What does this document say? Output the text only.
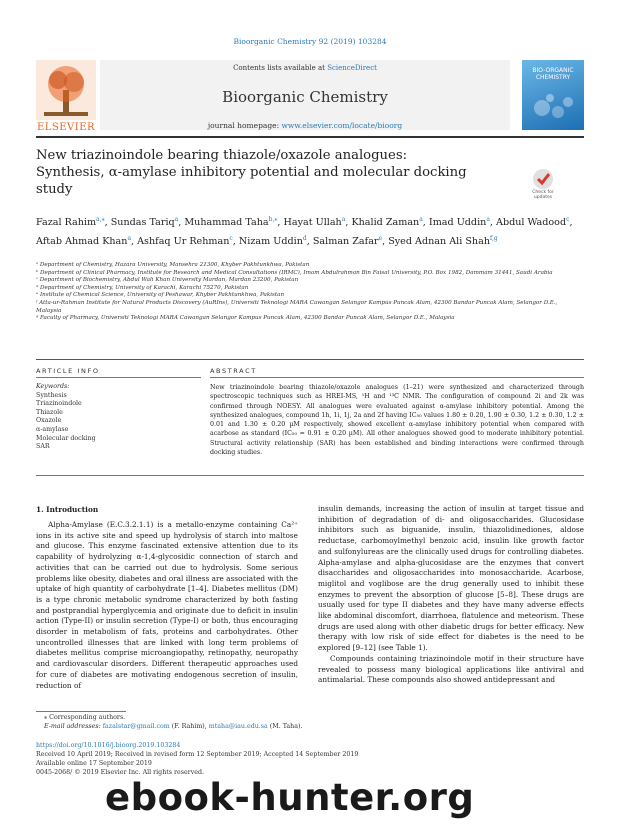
Bioorganic Chemistry 92 (2019) 103284
Contents lists available at ScienceDirect
Bioorganic Chemistry
journal homepage: www.elsevier.com/locate/bioorg
ELSEVIER
BIO-ORGANIC CHEMISTRY
New triazinoindole bearing thiazole/oxazole analogues: Synthesis, α-amylase inhibitory potential and molecular docking study	Check for updates
Fazal Rahim$^{a,⁎}$, Sundas Tariq$^a$, Muhammad Taha$^{b,⁎}$, Hayat Ullah$^a$, Khalid Zaman$^a$, Imad Uddin$^a$, Abdul Wadood$^c$, Aftab Ahmad Khan$^a$, Ashfaq Ur Rehman$^c$, Nizam Uddin$^d$, Salman Zafar$^e$, Syed Adnan Ali Shah$^{f,g}$

ᵃ Department of Chemistry, Hazara University, Mansehra 21300, Khyber Pakhtunkhwa, Pakistan

ᵇ Department of Clinical Pharmacy, Institute for Research and Medical Consultations (IRMC), Imam Abdulrahman Bin Faisal University, P.O. Box 1982, Dammam 31441, Saudi Arabia

ᶜ Department of Biochemistry, Abdul Wali Khan University Mardan, Mardan 23200, Pakistan

ᵈ Department of Chemistry, University of Karachi, Karachi 75270, Pakistan

ᵉ Institute of Chemical Science, University of Peshawar, Khyber Pakhtunkhwa, Pakistan

ᶠ Atta-ur-Rahman Institute for Natural Products Discovery (AuRIns), Universiti Teknologi MARA Cawangan Selangor Kampus Puncak Alam, 42300 Bandar Puncak Alam, Selangor D.E., Malaysia

ᵍ Faculty of Pharmacy, Universiti Teknologi MARA Cawangan Selangor Kampus Puncak Alam, 42300 Bandar Puncak Alam, Selangor D.E., Malaysia

ARTICLE INFO	ABSTRACT
Keywords:
Synthesis
Triazinoindole
Thiazole
Oxazole
α-amylase
Molecular docking
SAR
New triazinoindole bearing thiazole/oxazole analogues (1–21) were synthesized and characterized through spectroscopic techniques such as HREI-MS, ¹H and ¹³C NMR. The configuration of compound 2i and 2k was confirmed through NOESY. All analogues were evaluated against α-amylase inhibitory potential. Among the synthesized analogues, compound 1h, 1i, 1j, 2a and 2f having IC₅₀ values 1.80 ± 0.20, 1.90 ± 0.30, 1.2 ± 0.30, 1.2 ± 0.01 and 1.30 ± 0.20 µM respectively, showed excellent α-amylase inhibitory potential when compared with acarbose as standard (IC₅₀ = 0.91 ± 0.20 µM). All other analogues showed good to moderate inhibitory potential. Structural activity relationship (SAR) has been established and binding interactions were confirmed through docking studies.
1. Introduction

Alpha-Amylase (E.C.3.2.1.1) is a metallo-enzyme containing Ca²⁺ ions in its active site and speed up hydrolysis of starch into maltose and glucose. This enzyme fascinated extensive attention due to its capability of hydrolyzing α-1,4-glycosidic connection of starch and activities that can be carried out due to hydrolysis. Some serious problems like obesity, diabetes and oral illness are associated with the uptake of high quantity of carbohydrate [1–4]. Diabetes mellitus (DM) is a type chronic metabolic syndrome characterized by both fasting and postprandial hyperglycemia and originate due to deficit in insulin action (Type-II) or insulin secretion (Type-I) or both, thus encouraging disorder in metabolism of fats, proteins and carbohydrates. Other uncontrolled illnesses that are linked with long term problems of diabetes mellitus comprise microangiopathy, retinopathy, neuropathy and cardiovascular disorders. Different therapeutic approaches used for cure of diabetes are motivating endogenous secretion of insulin, reduction of

insulin demands, increasing the action of insulin at target tissue and inhibition of degradation of di- and oligosaccharides. Glucosidase inhibitors such as biguanide, insulin, thiazolidinediones, aldose reductase, carbomoylmethyl benzoic acid, insulin like growth factor and sulfonylureas are the clinically used drugs for controlling diabetes. Alpha-amylase and alpha-glucosidase are the enzymes that convert disaccharides and oligosaccharides into monosaccharide. Acarbose, miglitol and voglibose are the drug generally used to inhibit these enzymes to prevent the absorption of glucose [5–8]. These drugs are usually used for type II diabetes and they have many adverse effects like abdominal discomfort, diarrhoea, flatulence and meteorism. These drugs are used along with other diabetic drugs for better efficacy. New therapy with low risk of side effect for diabetes is the need to be explored [9–12] (see Table 1).

Compounds containing triazinoindole motif in their structure have revealed to possess many biological applications like antiviral and antimalarial. These compounds also showed antidepressant and

⁎ Corresponding authors.
E-mail addresses: fazalstar@gmail.com (F. Rahim), mtaha@iau.edu.sa (M. Taha).
https://doi.org/10.1016/j.bioorg.2019.103284
Received 10 April 2019; Received in revised form 12 September 2019; Accepted 14 September 2019
Available online 17 September 2019
0045-2068/ © 2019 Elsevier Inc. All rights reserved.
ebook-hunter.org
